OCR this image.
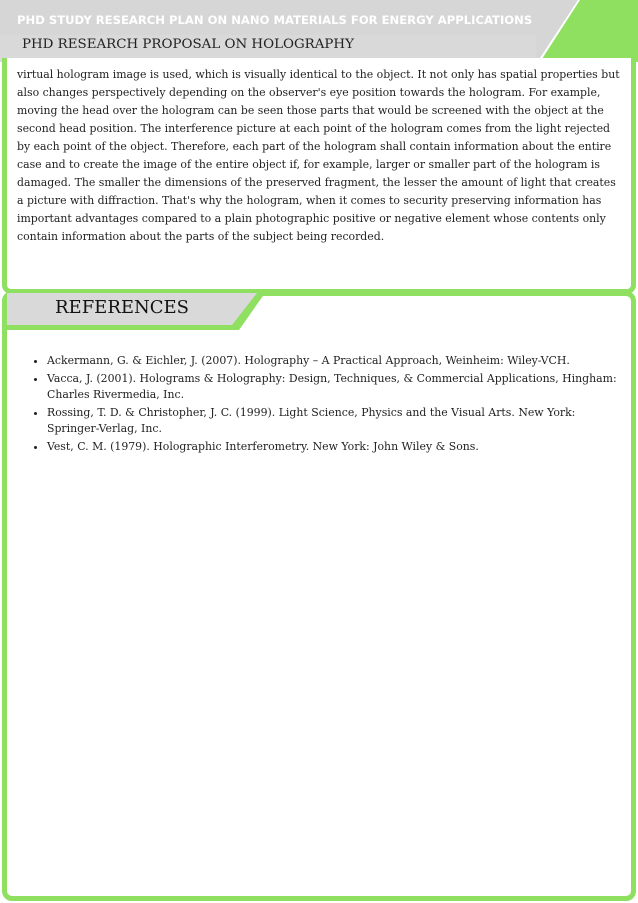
PHD STUDY RESEARCH PLAN ON NANO MATERIALS FOR ENERGY APPLICATIONS
PHD RESEARCH PROPOSAL ON HOLOGRAPHY

virtual hologram image is used, which is visually identical to the object. It not only has spatial properties but also changes perspectively depending on the observer's eye position towards the hologram. For example, moving the head over the hologram can be seen those parts that would be screened with the object at the second head position. The interference picture at each point of the hologram comes from the light rejected by each point of the object. Therefore, each part of the hologram shall contain information about the entire case and to create the image of the entire object if, for example, larger or smaller part of the hologram is damaged. The smaller the dimensions of the preserved fragment, the lesser the amount of light that creates a picture with diffraction. That's why the hologram, when it comes to security preserving information has important advantages compared to a plain photographic positive or negative element whose contents only contain information about the parts of the subject being recorded.

REFERENCES
• Ackermann, G. & Eichler, J. (2007). Holography – A Practical Approach, Weinheim: Wiley-VCH.
• Vacca, J. (2001). Holograms & Holography: Design, Techniques, & Commercial Applications, Hingham: Charles Rivermedia, Inc.
• Rossing, T. D. & Christopher, J. C. (1999). Light Science, Physics and the Visual Arts. New York: Springer-Verlag, Inc.
• Vest, C. M. (1979). Holographic Interferometry. New York: John Wiley & Sons.
